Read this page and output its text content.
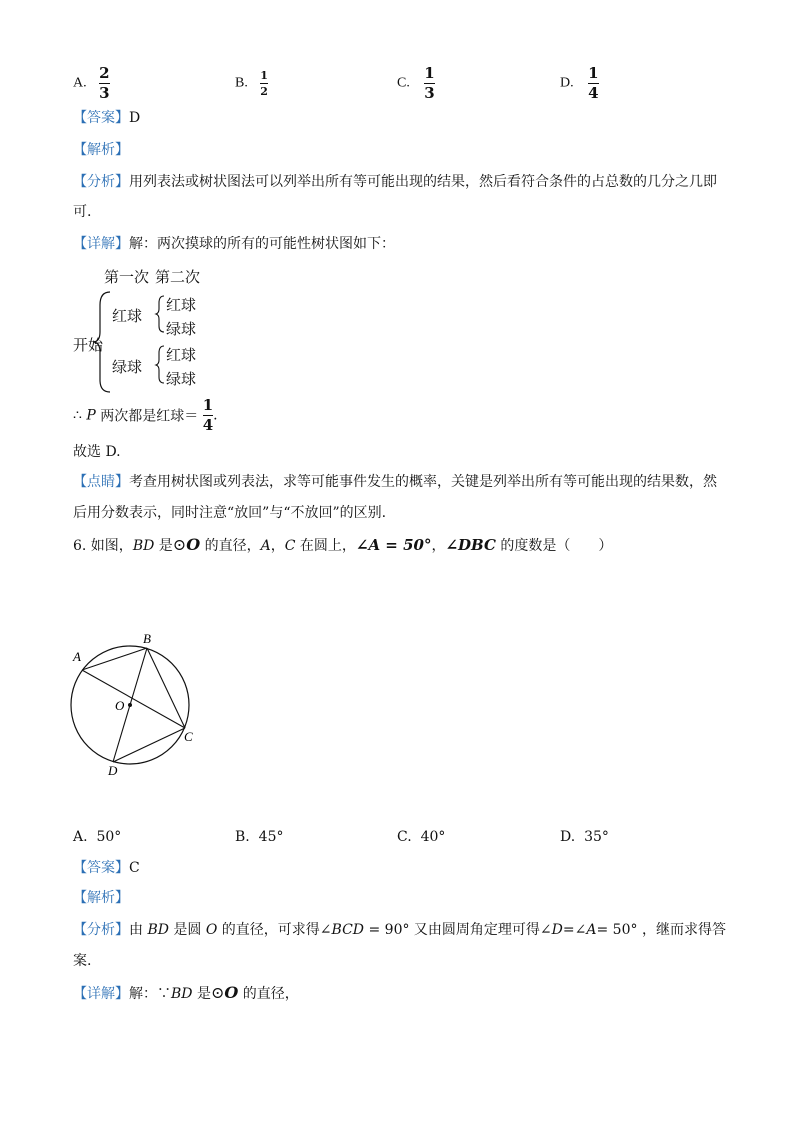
A. $\frac{2}{3}$	B. $\frac{1}{2}$	C. $\frac{1}{3}$	D. $\frac{1}{4}$
【答案】D
【解析】
【分析】用列表法或树状图法可以列举出所有等可能出现的结果，然后看符合条件的占总数的几分之几即
可.
【详解】解：两次摸球的所有的可能性树状图如下：
第一次 第二次
开始
红球
绿球
红球
绿球
红球
绿球
∴ P 两次都是红球＝ $\frac{1}{4}$ .
故选 D.
【点睛】考查用树状图或列表法，求等可能事件发生的概率，关键是列举出所有等可能出现的结果数，然
后用分数表示，同时注意“放回”与“不放回”的区别.
6. 如图，BD 是⊙O 的直径，A，C 在圆上，∠A = 50°，∠DBC 的度数是（　　）
A
B
C
D
O
A. 50°	B. 45°	C. 40°	D. 35°
【答案】C
【解析】
【分析】由 BD 是圆 O 的直径，可求得∠BCD = 90° 又由圆周角定理可得∠D=∠A= 50° ，继而求得答
案.
【详解】解：∵BD 是⊙O 的直径，
